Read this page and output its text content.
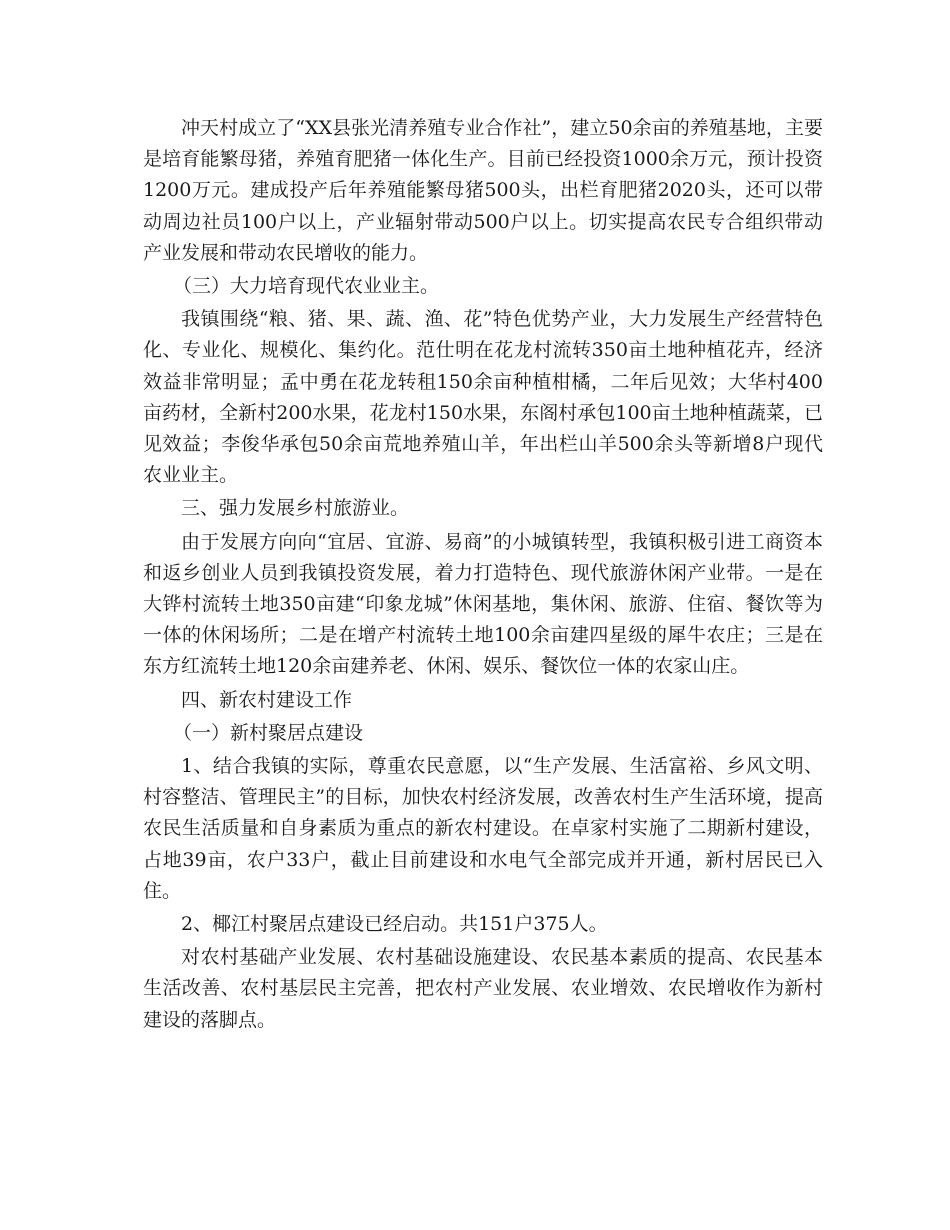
冲天村成立了“XX县张光清养殖专业合作社”，建立50余亩的养殖基地，主要是培育能繁母猪，养殖育肥猪一体化生产。目前已经投资1000余万元，预计投资1200万元。建成投产后年养殖能繁母猪500头，出栏育肥猪2020头，还可以带动周边社员100户以上，产业辐射带动500户以上。切实提高农民专合组织带动产业发展和带动农民增收的能力。

（三）大力培育现代农业业主。

我镇围绕“粮、猪、果、蔬、渔、花”特色优势产业，大力发展生产经营特色化、专业化、规模化、集约化。范仕明在花龙村流转350亩土地种植花卉，经济效益非常明显；孟中勇在花龙转租150余亩种植柑橘，二年后见效；大华村400亩药材，全新村200水果，花龙村150水果，东阁村承包100亩土地种植蔬菜，已见效益；李俊华承包50余亩荒地养殖山羊，年出栏山羊500余头等新增8户现代农业业主。

三、强力发展乡村旅游业。

由于发展方向向“宜居、宜游、易商”的小城镇转型，我镇积极引进工商资本和返乡创业人员到我镇投资发展，着力打造特色、现代旅游休闲产业带。一是在大铧村流转土地350亩建“印象龙城”休闲基地，集休闲、旅游、住宿、餐饮等为一体的休闲场所；二是在增产村流转土地100余亩建四星级的犀牛农庄；三是在东方红流转土地120余亩建养老、休闲、娱乐、餐饮位一体的农家山庄。

四、新农村建设工作

（一）新村聚居点建设

1、结合我镇的实际，尊重农民意愿，以“生产发展、生活富裕、乡风文明、村容整洁、管理民主”的目标，加快农村经济发展，改善农村生产生活环境，提高农民生活质量和自身素质为重点的新农村建设。在卓家村实施了二期新村建设，占地39亩，农户33户，截止目前建设和水电气全部完成并开通，新村居民已入住。

2、椰江村聚居点建设已经启动。共151户375人。

对农村基础产业发展、农村基础设施建设、农民基本素质的提高、农民基本生活改善、农村基层民主完善，把农村产业发展、农业增效、农民增收作为新村建设的落脚点。
